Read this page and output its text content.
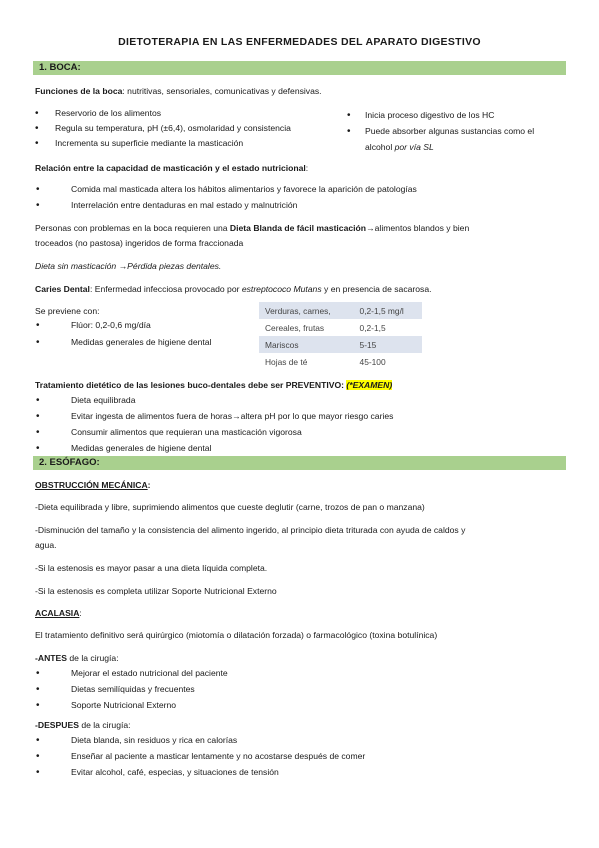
DIETOTERAPIA EN LAS ENFERMEDADES DEL APARATO DIGESTIVO
1. BOCA:
Funciones de la boca: nutritivas, sensoriales, comunicativas y defensivas.
• Reservorio de los alimentos
• Regula su temperatura, pH (±6,4), osmolaridad y consistencia
• Incrementa su superficie mediante la masticación
• Inicia proceso digestivo de los HC
• Puede absorber algunas sustancias como el
alcohol por vía SL
Relación entre la capacidad de masticación y el estado nutricional:
• Comida mal masticada altera los hábitos alimentarios y favorece la aparición de patologías
• Interrelación entre dentaduras en mal estado y malnutrición
Personas con problemas en la boca requieren una Dieta Blanda de fácil masticación→alimentos blandos y bien
troceados (no pastosa) ingeridos de forma fraccionada
Dieta sin masticación →Pérdida piezas dentales.
Caries Dental: Enfermedad infecciosa provocado por estreptococo Mutans y en presencia de sacarosa.
Se previene con:
• Flúor: 0,2-0,6 mg/día
• Medidas generales de higiene dental
Verduras, carnes,	0,2-1,5 mg/l
Cereales, frutas	0,2-1,5
Mariscos	5-15
Hojas de té	45-100
Tratamiento dietético de las lesiones buco-dentales debe ser PREVENTIVO: (*EXAMEN)
• Dieta equilibrada
• Evitar ingesta de alimentos fuera de horas→altera pH por lo que mayor riesgo caries
• Consumir alimentos que requieran una masticación vigorosa
• Medidas generales de higiene dental
2. ESÓFAGO:
OBSTRUCCIÓN MECÁNICA:
-Dieta equilibrada y libre, suprimiendo alimentos que cueste deglutir (carne, trozos de pan o manzana)
-Disminución del tamaño y la consistencia del alimento ingerido, al principio dieta triturada con ayuda de caldos y
agua.
-Si la estenosis es mayor pasar a una dieta líquida completa.
-Si la estenosis es completa utilizar Soporte Nutricional Externo
ACALASIA:
El tratamiento definitivo será quirúrgico (miotomía o dilatación forzada) o farmacológico (toxina botulínica)
-ANTES de la cirugía:
• Mejorar el estado nutricional del paciente
• Dietas semilíquidas y frecuentes
• Soporte Nutricional Externo
-DESPUES de la cirugía:
• Dieta blanda, sin residuos y rica en calorías
• Enseñar al paciente a masticar lentamente y no acostarse después de comer
• Evitar alcohol, café, especias, y situaciones de tensión
